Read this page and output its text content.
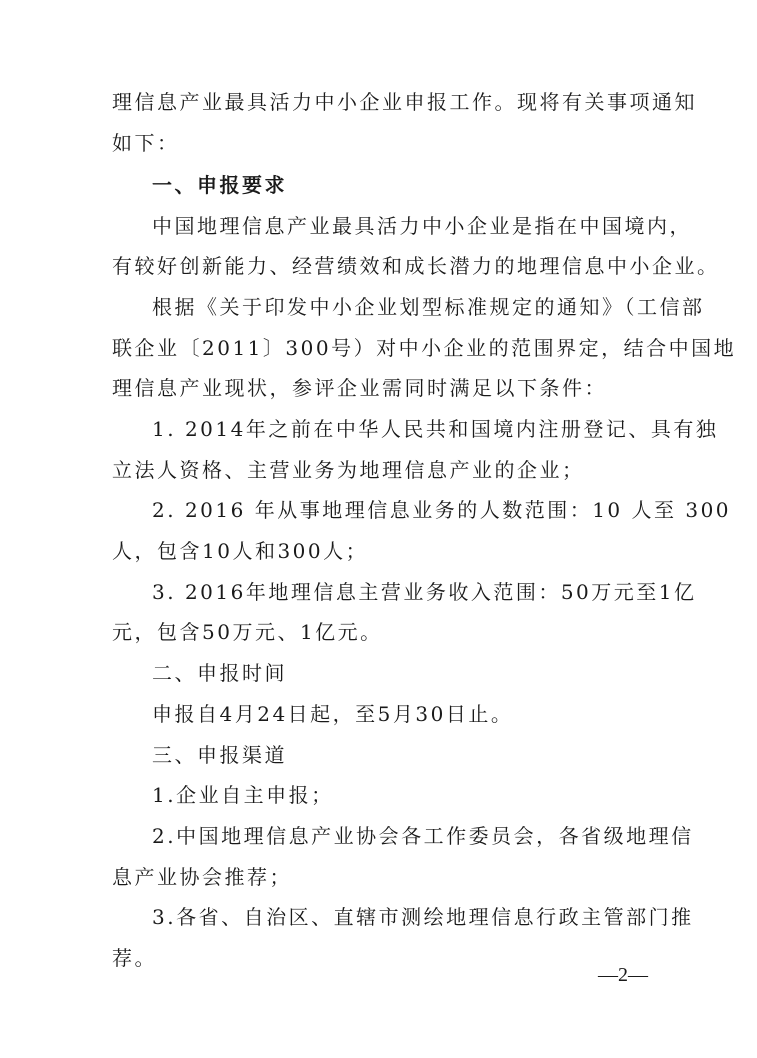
理信息产业最具活力中小企业申报工作。现将有关事项通知
如下：
一、申报要求
中国地理信息产业最具活力中小企业是指在中国境内，
有较好创新能力、经营绩效和成长潜力的地理信息中小企业。
根据《关于印发中小企业划型标准规定的通知》（工信部
联企业〔2011〕300号）对中小企业的范围界定，结合中国地
理信息产业现状，参评企业需同时满足以下条件：
1. 2014年之前在中华人民共和国境内注册登记、具有独
立法人资格、主营业务为地理信息产业的企业；
2. 2016 年从事地理信息业务的人数范围：10 人至 300
人，包含10人和300人；
3. 2016年地理信息主营业务收入范围：50万元至1亿
元，包含50万元、1亿元。
二、申报时间
申报自4月24日起，至5月30日止。
三、申报渠道
1.企业自主申报；
2.中国地理信息产业协会各工作委员会，各省级地理信
息产业协会推荐；
3.各省、自治区、直辖市测绘地理信息行政主管部门推
荐。
—2—
